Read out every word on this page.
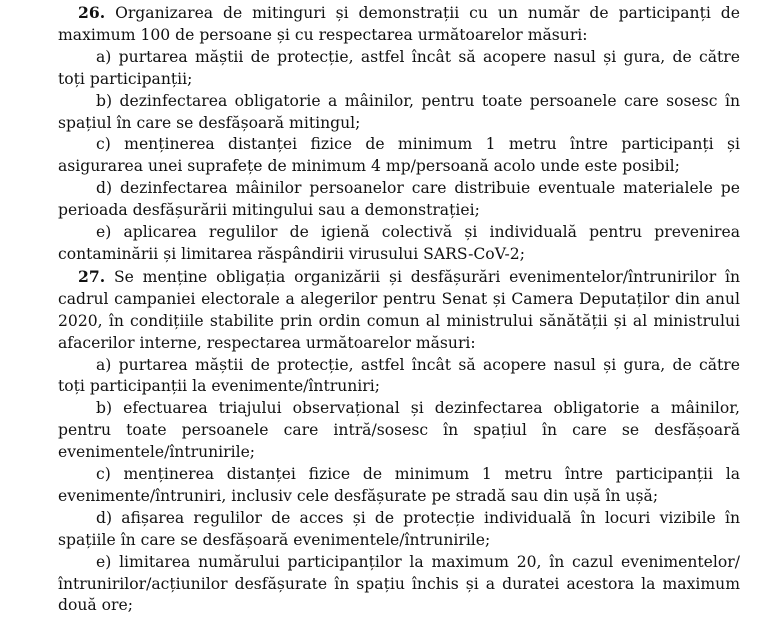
26. Organizarea de mitinguri și demonstrații cu un număr de participanți de maximum 100 de persoane și cu respectarea următoarelor măsuri:

a) purtarea măștii de protecție, astfel încât să acopere nasul și gura, de către toți participanții;

b) dezinfectarea obligatorie a mâinilor, pentru toate persoanele care sosesc în spațiul în care se desfășoară mitingul;

c) menținerea distanței fizice de minimum 1 metru între participanți și asigurarea unei suprafețe de minimum 4 mp/persoană acolo unde este posibil;

d) dezinfectarea mâinilor persoanelor care distribuie eventuale materialele pe perioada desfășurării mitingului sau a demonstrației;

e) aplicarea regulilor de igienă colectivă și individuală pentru prevenirea contaminării și limitarea răspândirii virusului SARS-CoV-2;

27. Se menține obligația organizării și desfășurări evenimentelor/întrunirilor în cadrul campaniei electorale a alegerilor pentru Senat și Camera Deputaților din anul 2020, în condițiile stabilite prin ordin comun al ministrului sănătății și al ministrului afacerilor interne, respectarea următoarelor măsuri:

a) purtarea măștii de protecție, astfel încât să acopere nasul și gura, de către toți participanții la evenimente/întruniri;

b) efectuarea triajului observațional și dezinfectarea obligatorie a mâinilor, pentru toate persoanele care intră/sosesc în spațiul în care se desfășoară evenimentele/întrunirile;

c) menținerea distanței fizice de minimum 1 metru între participanții la evenimente/întruniri, inclusiv cele desfășurate pe stradă sau din ușă în ușă;

d) afișarea regulilor de acces și de protecție individuală în locuri vizibile în spațiile în care se desfășoară evenimentele/întrunirile;

e) limitarea numărului participanților la maximum 20, în cazul evenimentelor/întrunirilor/acțiunilor desfășurate în spațiu închis și a duratei acestora la maximum două ore;
